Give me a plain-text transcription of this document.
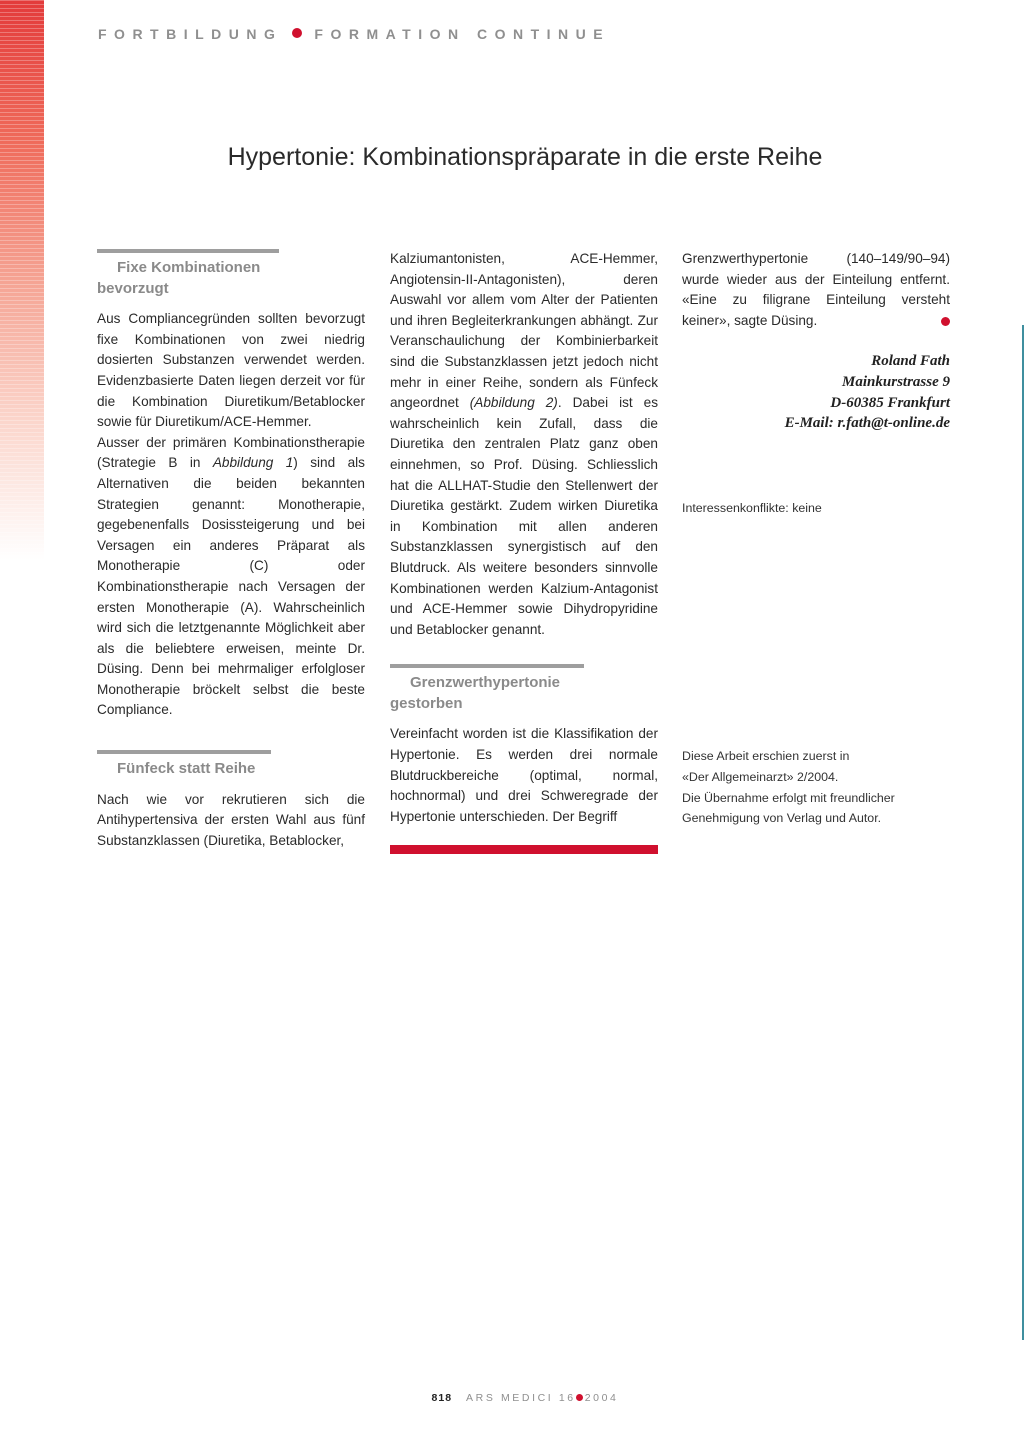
FORTBILDUNG FORMATION CONTINUE
Hypertonie: Kombinationspräparate in die erste Reihe
Fixe Kombinationen bevorzugt

Aus Compliancegründen sollten bevorzugt fixe Kombinationen von zwei niedrig dosierten Substanzen verwendet werden. Evidenzbasierte Daten liegen derzeit vor für die Kombination Diuretikum/Betablocker sowie für Diuretikum/ACE-Hemmer.

Ausser der primären Kombinationstherapie (Strategie B in Abbildung 1) sind als Alternativen die beiden bekannten Strategien genannt: Monotherapie, gegebenenfalls Dosissteigerung und bei Versagen ein anderes Präparat als Monotherapie (C) oder Kombinationstherapie nach Versagen der ersten Monotherapie (A). Wahrscheinlich wird sich die letztgenannte Möglichkeit aber als die beliebtere erweisen, meinte Dr. Düsing. Denn bei mehrmaliger erfolgloser Monotherapie bröckelt selbst die beste Compliance.

Fünfeck statt Reihe

Nach wie vor rekrutieren sich die Antihypertensiva der ersten Wahl aus fünf Substanzklassen (Diuretika, Betablocker,

Kalziumantonisten, ACE-Hemmer, Angiotensin-II-Antagonisten), deren Auswahl vor allem vom Alter der Patienten und ihren Begleiterkrankungen abhängt. Zur Veranschaulichung der Kombinierbarkeit sind die Substanzklassen jetzt jedoch nicht mehr in einer Reihe, sondern als Fünfeck angeordnet (Abbildung 2). Dabei ist es wahrscheinlich kein Zufall, dass die Diuretika den zentralen Platz ganz oben einnehmen, so Prof. Düsing. Schliesslich hat die ALLHAT-Studie den Stellenwert der Diuretika gestärkt. Zudem wirken Diuretika in Kombination mit allen anderen Substanzklassen synergistisch auf den Blutdruck. Als weitere besonders sinnvolle Kombinationen werden Kalzium-Antagonist und ACE-Hemmer sowie Dihydropyridine und Betablocker genannt.

Grenzwerthypertonie gestorben

Vereinfacht worden ist die Klassifikation der Hypertonie. Es werden drei normale Blutdruckbereiche (optimal, normal, hochnormal) und drei Schweregrade der Hypertonie unterschieden. Der Begriff

Grenzwerthypertonie (140–149/90–94) wurde wieder aus der Einteilung entfernt. «Eine zu filigrane Einteilung versteht keiner», sagte Düsing.

Roland Fath
Mainkurstrasse 9
D-60385 Frankfurt
E-Mail: r.fath@t-online.de
Interessenkonflikte: keine
Diese Arbeit erschien zuerst in
«Der Allgemeinarzt» 2/2004.
Die Übernahme erfolgt mit freundlicher
Genehmigung von Verlag und Autor.
818 ARS MEDICI 16 2004
